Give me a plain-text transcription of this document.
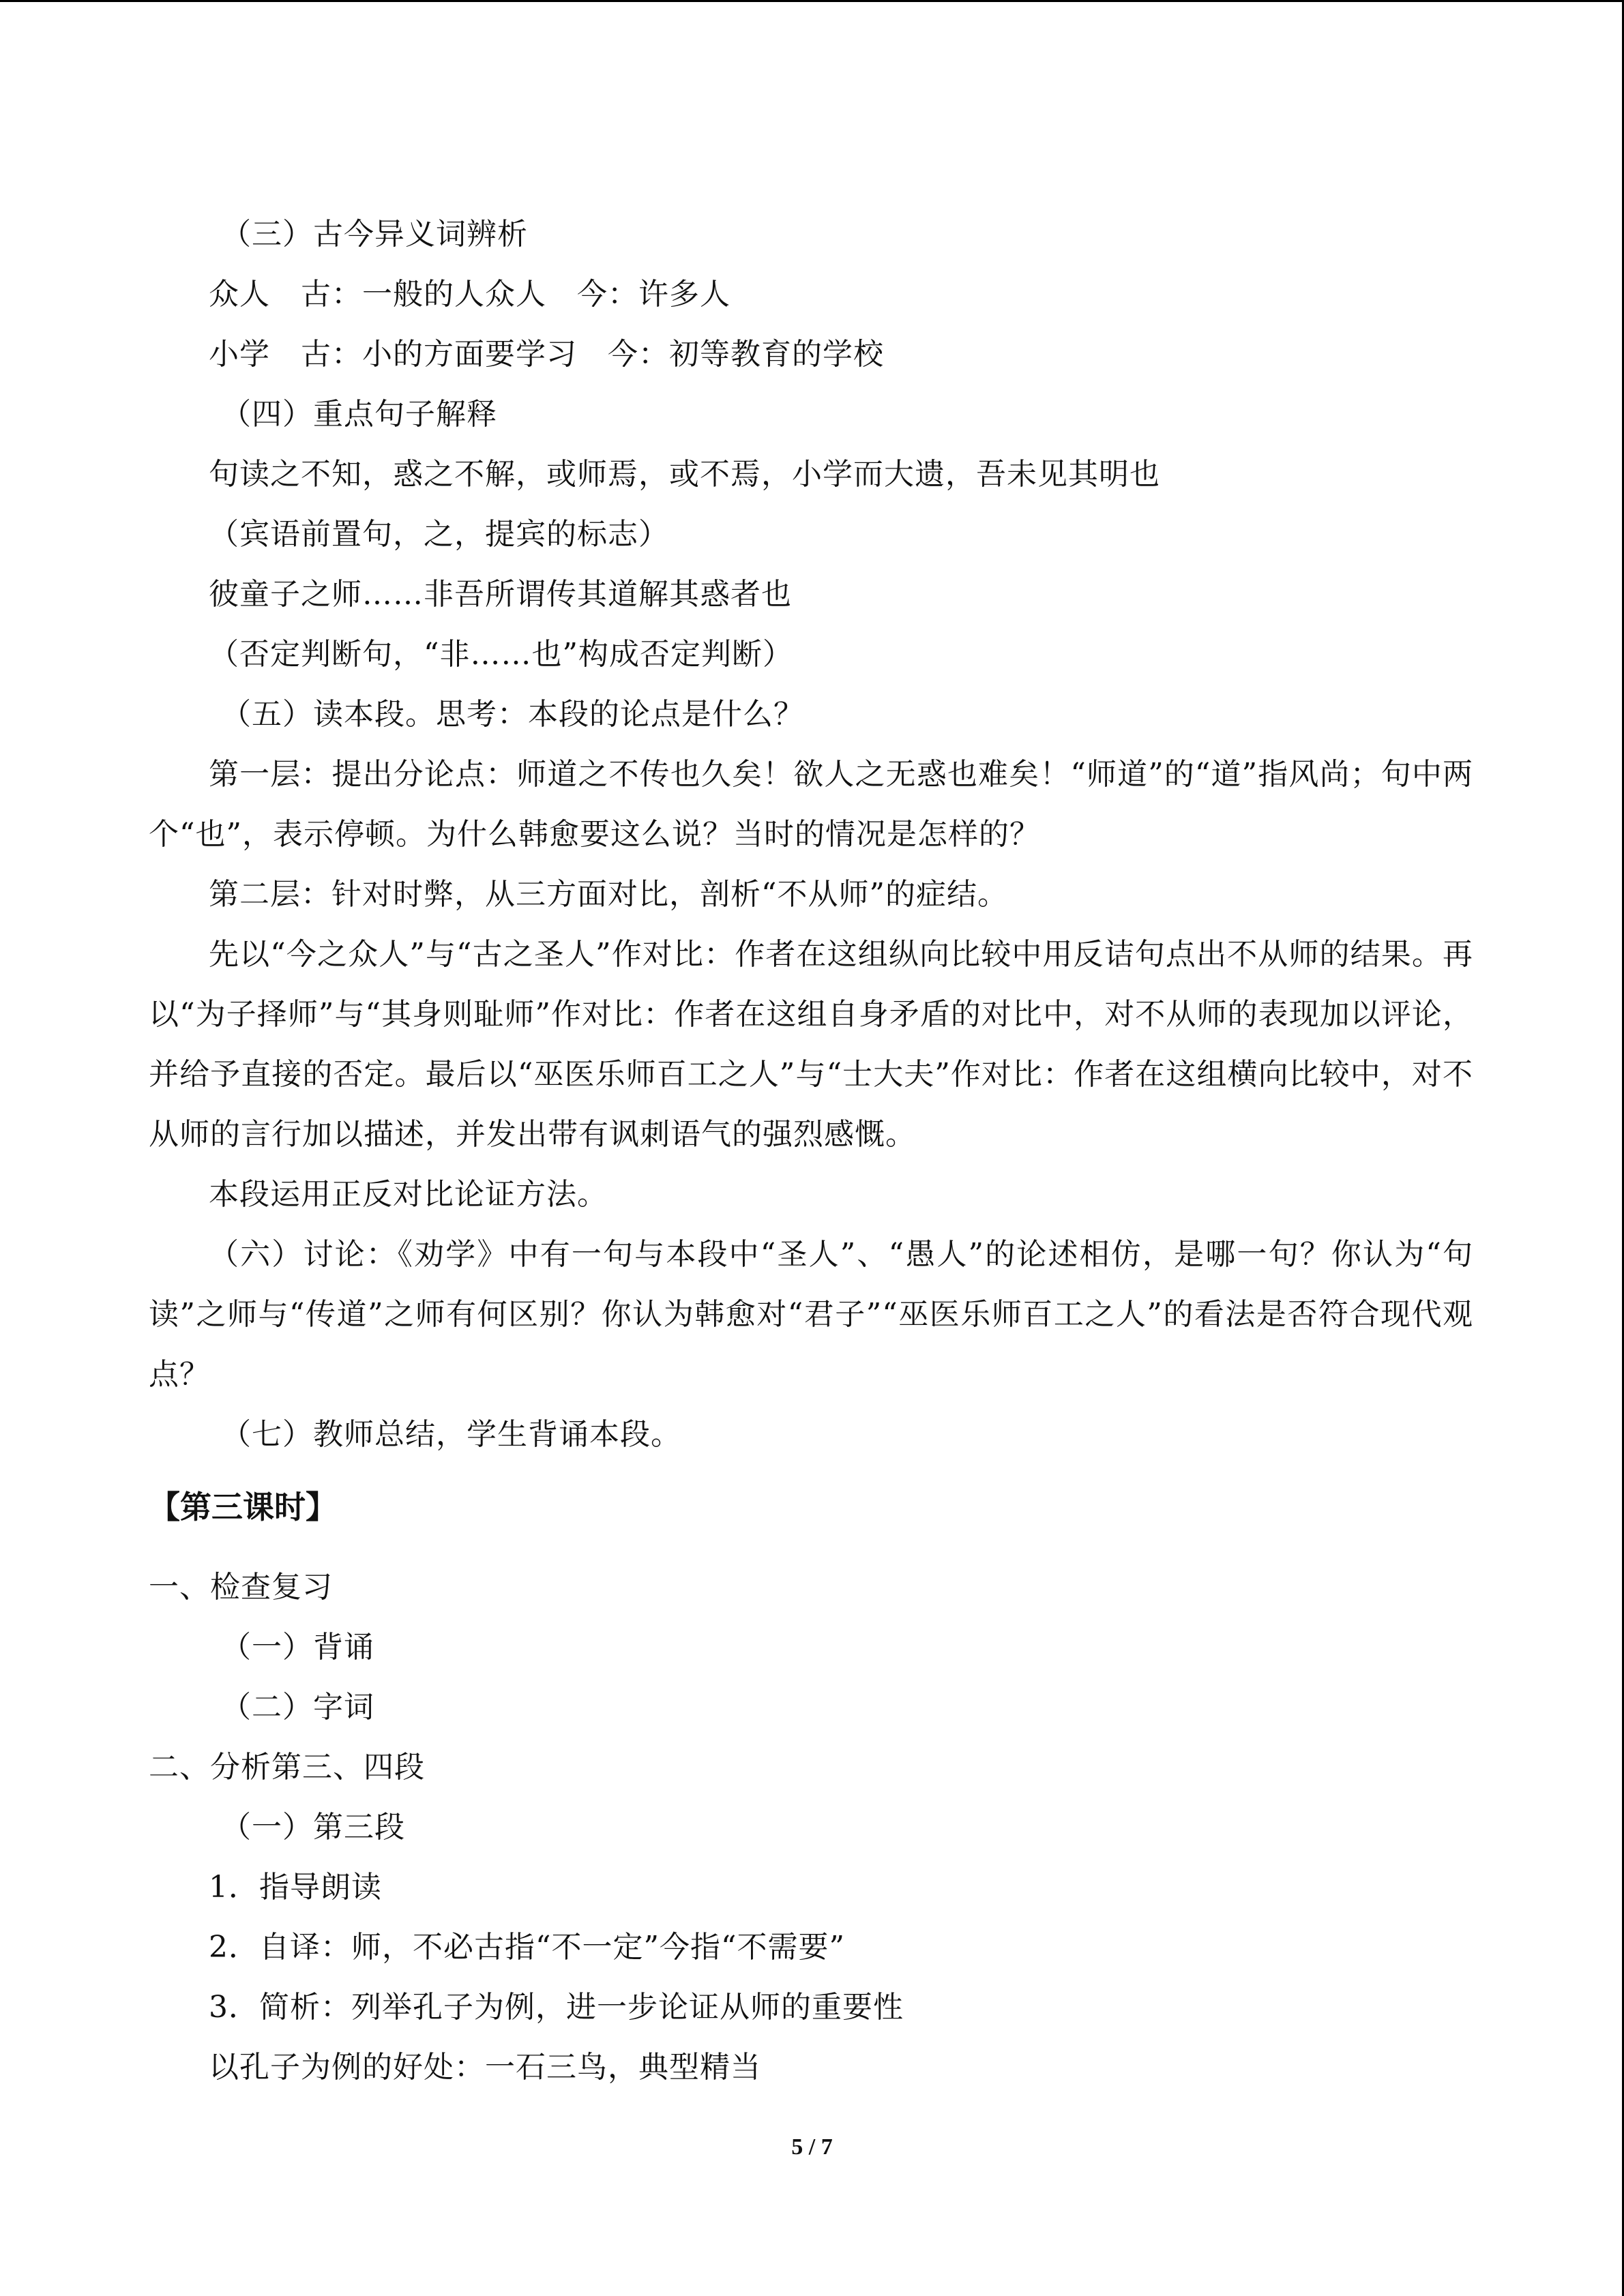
（三）古今异义词辨析
众人　古：一般的人众人　今：许多人
小学　古：小的方面要学习　今：初等教育的学校
（四）重点句子解释
句读之不知，惑之不解，或师焉，或不焉，小学而大遗，吾未见其明也
（宾语前置句，之，提宾的标志）
彼童子之师……非吾所谓传其道解其惑者也
（否定判断句，“非……也”构成否定判断）
（五）读本段。思考：本段的论点是什么？
第一层：提出分论点：师道之不传也久矣！欲人之无惑也难矣！“师道”的“道”指风尚；句中两个“也”，表示停顿。为什么韩愈要这么说？当时的情况是怎样的？
第二层：针对时弊，从三方面对比，剖析“不从师”的症结。
先以“今之众人”与“古之圣人”作对比：作者在这组纵向比较中用反诘句点出不从师的结果。再以“为子择师”与“其身则耻师”作对比：作者在这组自身矛盾的对比中，对不从师的表现加以评论，并给予直接的否定。最后以“巫医乐师百工之人”与“士大夫”作对比：作者在这组横向比较中，对不从师的言行加以描述，并发出带有讽刺语气的强烈感慨。
本段运用正反对比论证方法。
（六）讨论：《劝学》中有一句与本段中“圣人”、“愚人”的论述相仿，是哪一句？你认为“句读”之师与“传道”之师有何区别？你认为韩愈对“君子”“巫医乐师百工之人”的看法是否符合现代观点？
（七）教师总结，学生背诵本段。
【第三课时】
一、检查复习
（一）背诵
（二）字词
二、分析第三、四段
（一）第三段
1．指导朗读
2．自译：师，不必古指“不一定”今指“不需要”
3．简析：列举孔子为例，进一步论证从师的重要性
以孔子为例的好处：一石三鸟，典型精当
5 / 7
